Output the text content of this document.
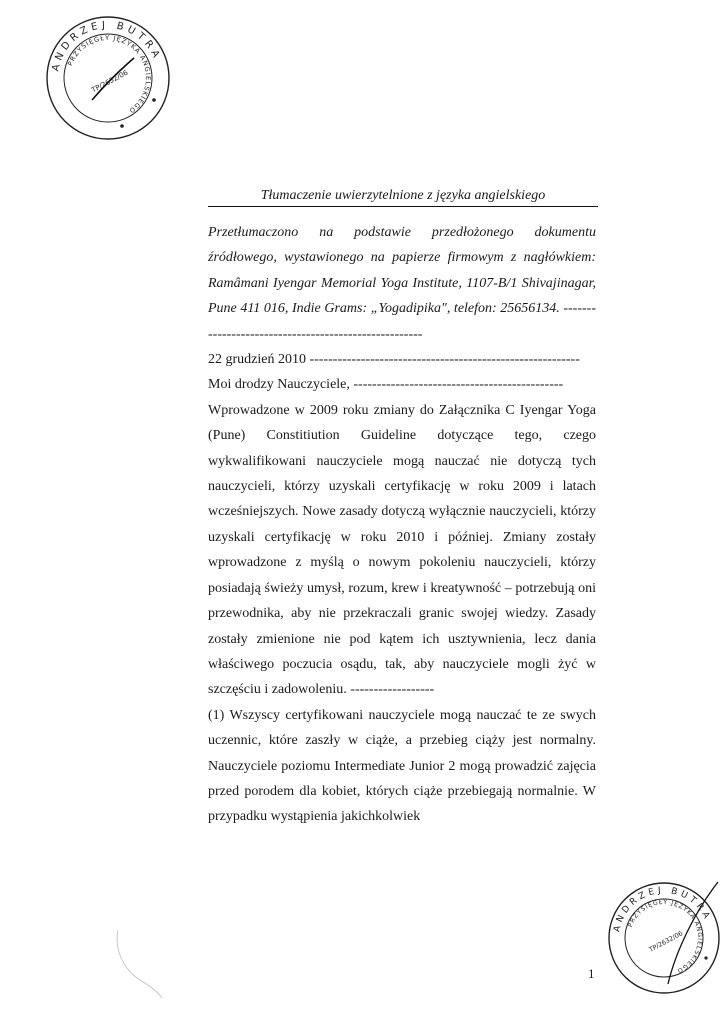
ANDRZEJ BUTRA
PRZYSIĘGŁY JĘZYKA ANGIELSKIEGO
TP/2632/06
Tłumaczenie uwierzytelnione z języka angielskiego

Przetłumaczono na podstawie przedłożonego dokumentu źródłowego, wystawionego na papierze firmowym z nagłówkiem: Ramâmani Iyengar Memorial Yoga Institute, 1107-B/1 Shivajinagar, Pune 411 016, Indie Grams: „Yogadipika", telefon: 25656134. -----------------------------------------------------

22 grudzień 2010 ----------------------------------------------------------

Moi drodzy Nauczyciele, ---------------------------------------------

Wprowadzone w 2009 roku zmiany do Załącznika C Iyengar Yoga (Pune) Constitiution Guideline dotyczące tego, czego wykwalifikowani nauczyciele mogą nauczać nie dotyczą tych nauczycieli, którzy uzyskali certyfikację w roku 2009 i latach wcześniejszych. Nowe zasady dotyczą wyłącznie nauczycieli, którzy uzyskali certyfikację w roku 2010 i później. Zmiany zostały wprowadzone z myślą o nowym pokoleniu nauczycieli, którzy posiadają świeży umysł, rozum, krew i kreatywność – potrzebują oni przewodnika, aby nie przekraczali granic swojej wiedzy. Zasady zostały zmienione nie pod kątem ich usztywnienia, lecz dania właściwego poczucia osądu, tak, aby nauczyciele mogli żyć w szczęściu i zadowoleniu. ------------------

(1) Wszyscy certyfikowani nauczyciele mogą nauczać te ze swych uczennic, które zaszły w ciąże, a przebieg ciąży jest normalny. Nauczyciele poziomu Intermediate Junior 2 mogą prowadzić zajęcia przed porodem dla kobiet, których ciąże przebiegają normalnie. W przypadku wystąpienia jakichkolwiek

1
ANDRZEJ BUTRA
PRZYSIĘGŁY JĘZYKA ANGIELSKIEGO
TP/2632/06
